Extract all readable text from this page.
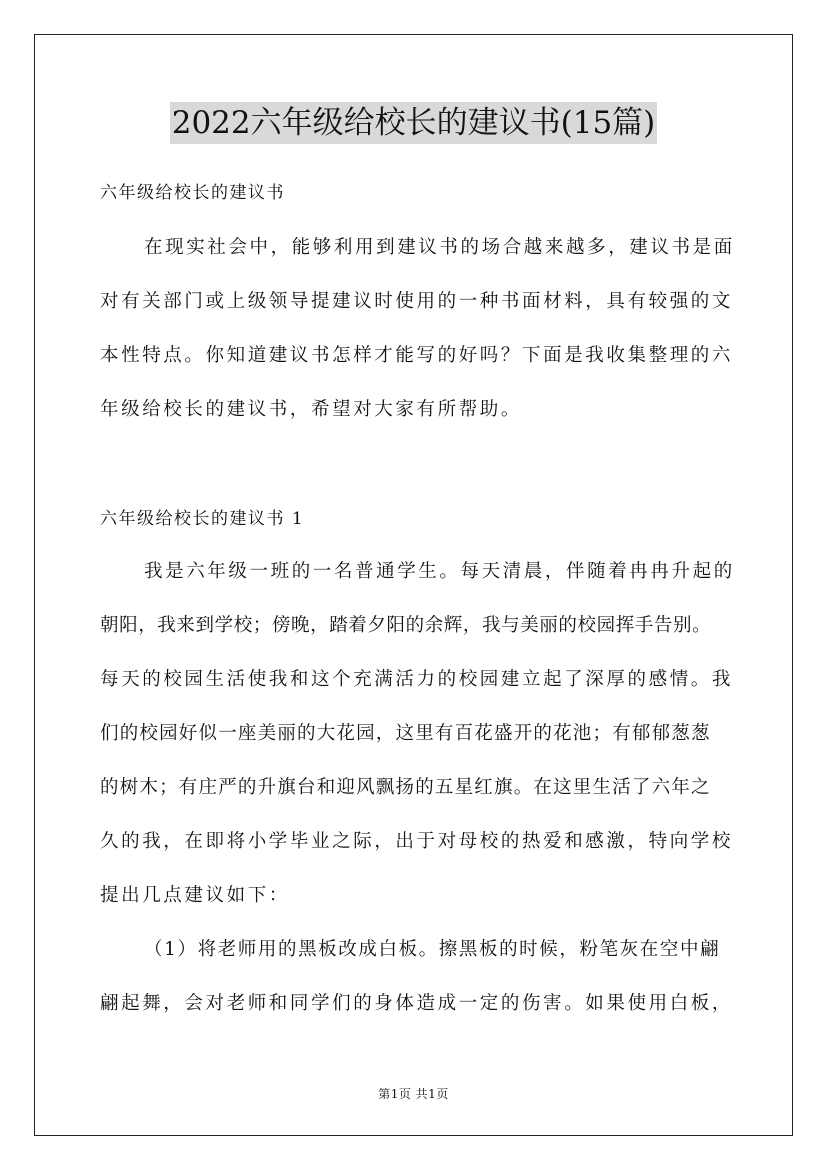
2022六年级给校长的建议书(15篇)
六年级给校长的建议书
在现实社会中，能够利用到建议书的场合越来越多，建议书是面
对有关部门或上级领导提建议时使用的一种书面材料，具有较强的文
本性特点。你知道建议书怎样才能写的好吗？下面是我收集整理的六
年级给校长的建议书，希望对大家有所帮助。
六年级给校长的建议书 1
我是六年级一班的一名普通学生。每天清晨，伴随着冉冉升起的
朝阳，我来到学校；傍晚，踏着夕阳的余辉，我与美丽的校园挥手告别。
每天的校园生活使我和这个充满活力的校园建立起了深厚的感情。我
们的校园好似一座美丽的大花园，这里有百花盛开的花池；有郁郁葱葱
的树木；有庄严的升旗台和迎风飘扬的五星红旗。在这里生活了六年之
久的我，在即将小学毕业之际，出于对母校的热爱和感激，特向学校
提出几点建议如下：
（1）将老师用的黑板改成白板。擦黑板的时候，粉笔灰在空中翩
翩起舞，会对老师和同学们的身体造成一定的伤害。如果使用白板，
第1页 共1页
